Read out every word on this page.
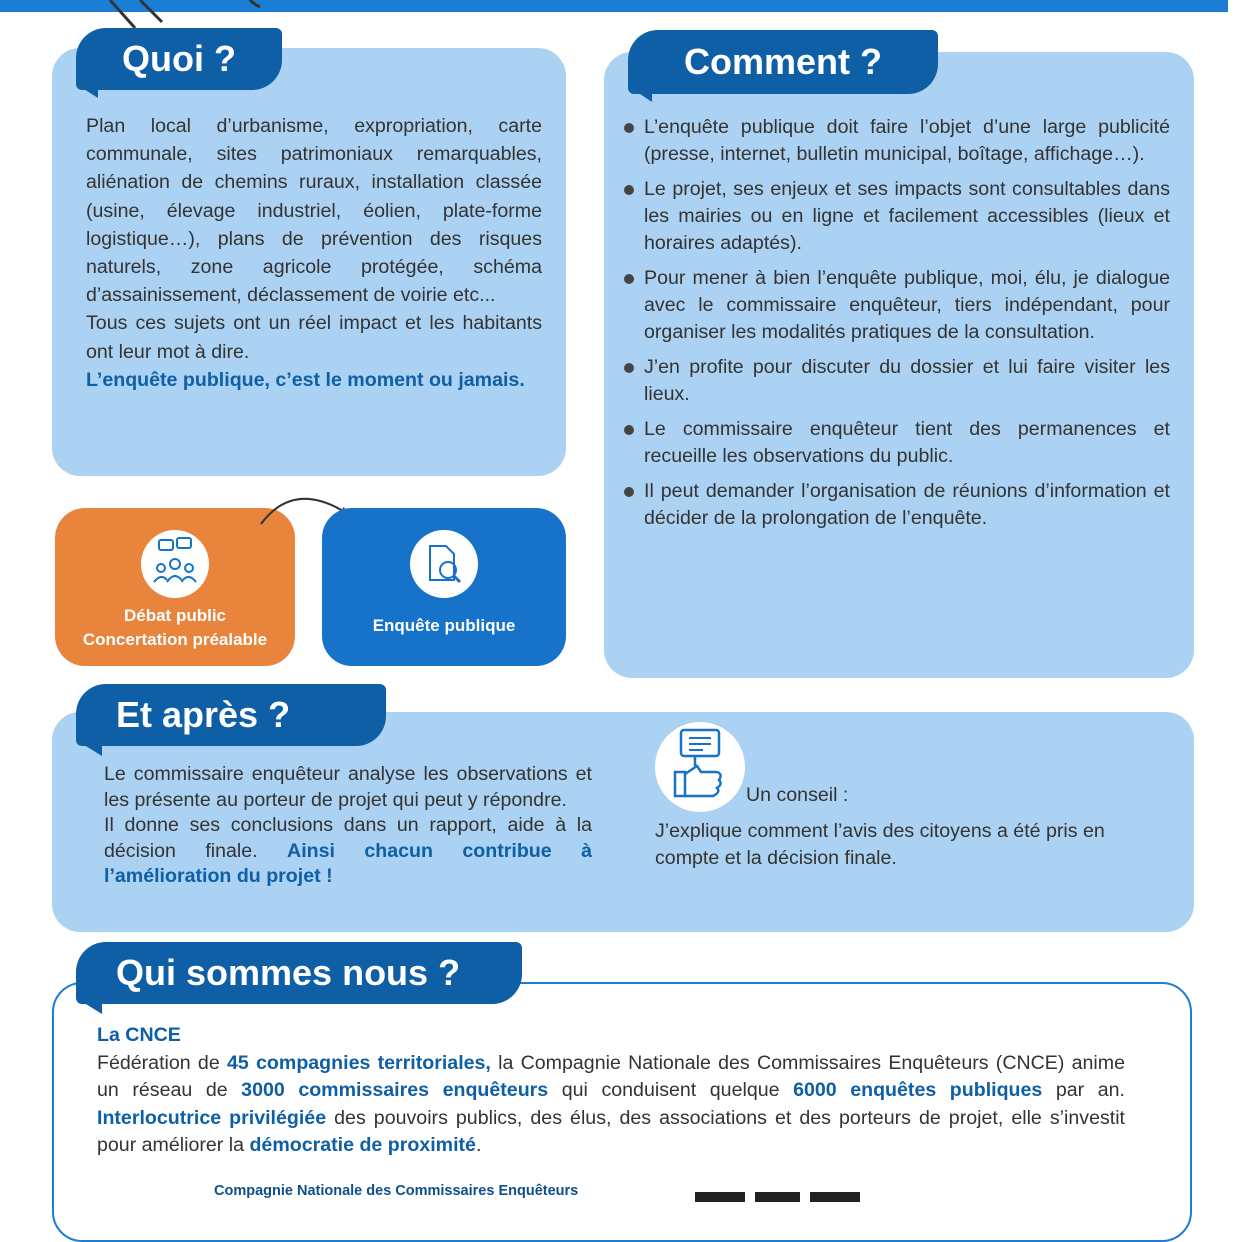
Quoi ?

Plan local d’urbanisme, expropriation, carte communale, sites patrimoniaux remarquables, aliénation de chemins ruraux, installation classée (usine, élevage industriel, éolien, plate-forme logistique…), plans de prévention des risques naturels, zone agricole protégée, schéma d’assainissement, déclassement de voirie etc...

Tous ces sujets ont un réel impact et les habitants ont leur mot à dire.

L’enquête publique, c’est le moment ou jamais.

Comment ?
L’enquête publique doit faire l’objet d’une large publicité (presse, internet, bulletin municipal, boîtage, affichage…).
Le projet, ses enjeux et ses impacts sont consultables dans les mairies ou en ligne et facilement accessibles (lieux et horaires adaptés).
Pour mener à bien l’enquête publique, moi, élu, je dialogue avec le commissaire enquêteur, tiers indépendant, pour organiser les modalités pratiques de la consultation.
J’en profite pour discuter du dossier et lui faire visiter les lieux.
Le commissaire enquêteur tient des permanences et recueille les observations du public.
Il peut demander l’organisation de réunions d’information et décider de la prolongation de l’enquête.
Débat public
Concertation préalable
Enquête publique
Et après ?

Le commissaire enquêteur analyse les observations et les présente au porteur de projet qui peut y répondre.

Il donne ses conclusions dans un rapport, aide à la décision finale. Ainsi chacun contribue à l’amélioration du projet !

Un conseil :
J’explique comment l’avis des citoyens a été pris en compte et la décision finale.
Qui sommes nous ?

La CNCE

Fédération de 45 compagnies territoriales, la Compagnie Nationale des Commissaires Enquêteurs (CNCE) anime un réseau de 3000 commissaires enquêteurs qui conduisent quelque 6000 enquêtes publiques par an. Interlocutrice privilégiée des pouvoirs publics, des élus, des associations et des porteurs de projet, elle s’investit pour améliorer la démocratie de proximité.

Compagnie Nationale des Commissaires Enquêteurs
